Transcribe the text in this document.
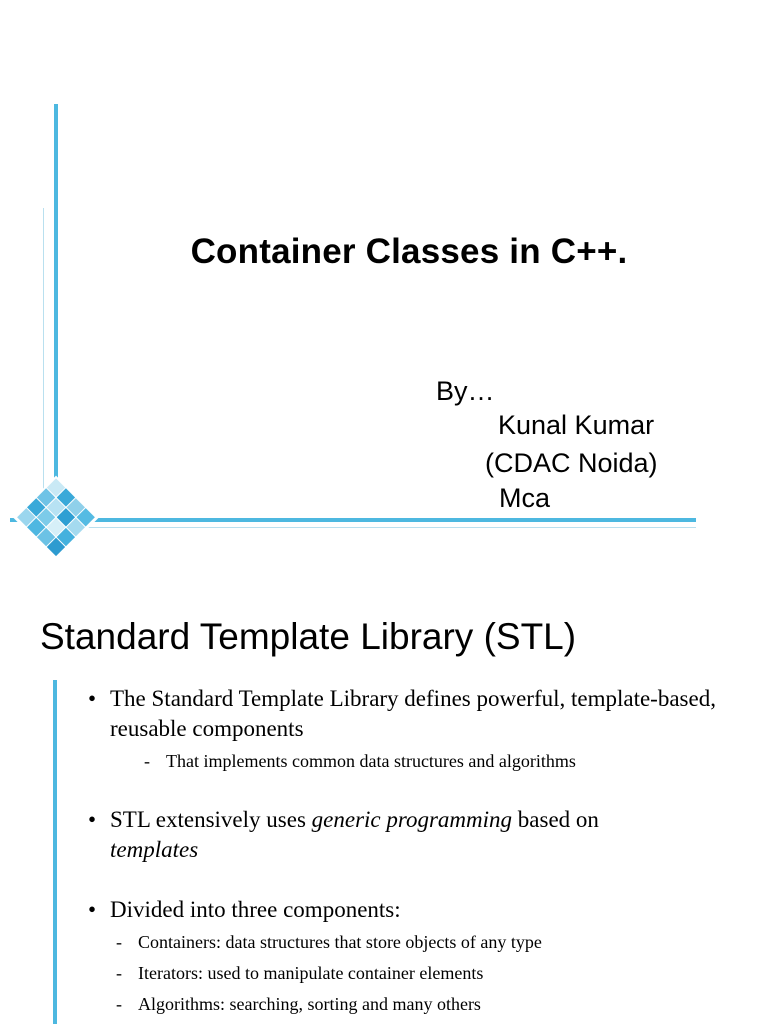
Container Classes in C++.
By…
Kunal Kumar
(CDAC Noida)
Mca
Standard Template Library (STL)
• The Standard Template Library defines powerful, template-based, reusable components
- That implements common data structures and algorithms
• STL extensively uses generic programming based on
templates
• Divided into three components:
- Containers: data structures that store objects of any type
- Iterators: used to manipulate container elements
- Algorithms: searching, sorting and many others
